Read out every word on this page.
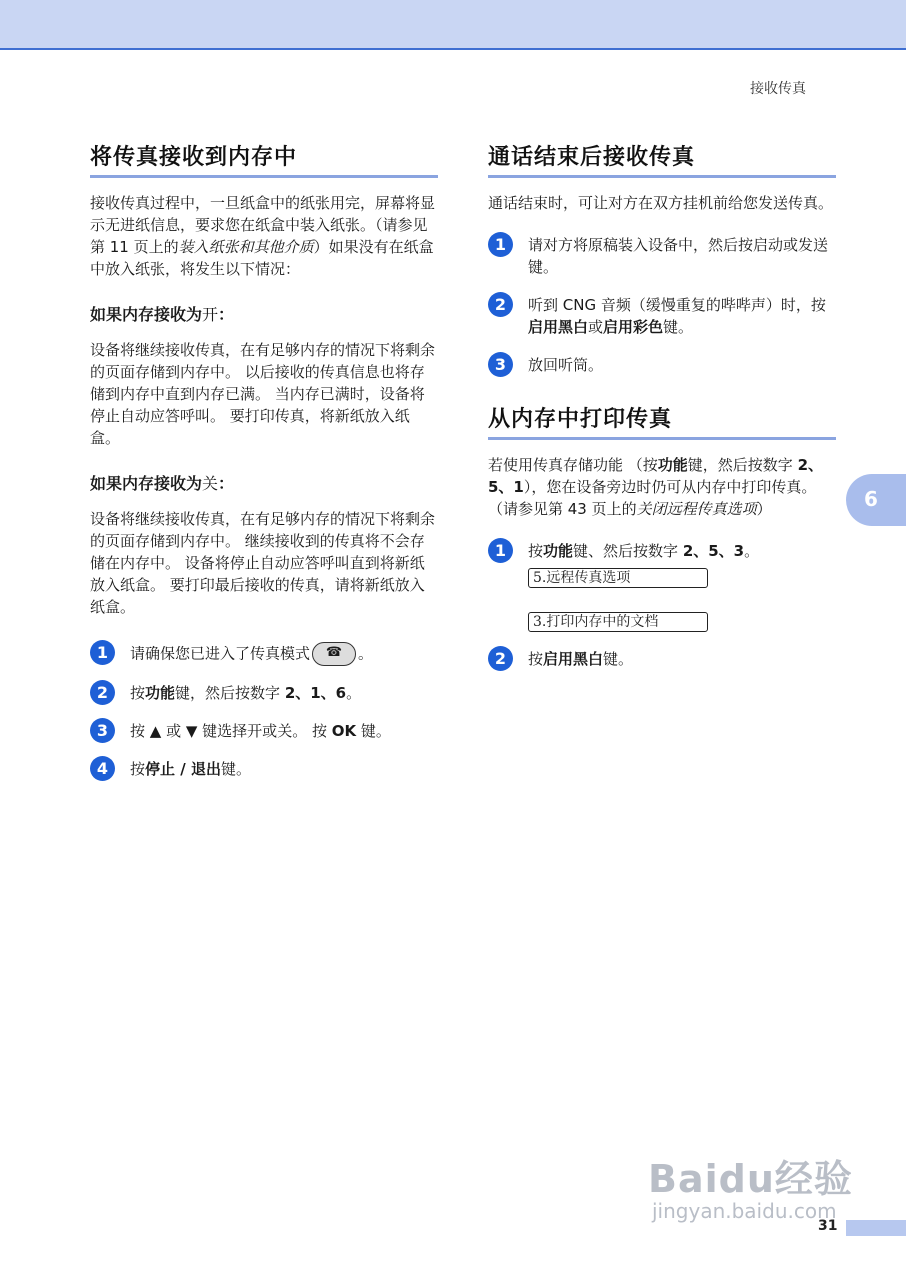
接收传真
将传真接收到内存中

接收传真过程中，一旦纸盒中的纸张用完，屏幕将显示无进纸信息，要求您在纸盒中装入纸张。（请参见第 11 页上的装入纸张和其他介质）如果没有在纸盒中放入纸张，将发生以下情况：

如果内存接收为开：

设备将继续接收传真，在有足够内存的情况下将剩余的页面存储到内存中。 以后接收的传真信息也将存储到内存中直到内存已满。 当内存已满时，设备将停止自动应答呼叫。 要打印传真，将新纸放入纸盒。

如果内存接收为关：

设备将继续接收传真，在有足够内存的情况下将剩余的页面存储到内存中。 继续接收到的传真将不会存储在内存中。 设备将停止自动应答呼叫直到将新纸放入纸盒。 要打印最后接收的传真，请将新纸放入纸盒。

1	请确保您已进入了传真模式 ☎ 。
2	按功能键，然后按数字 2、1、6。
3	按 ▲ 或 ▼ 键选择开或关。 按 OK 键。
4	按停止 / 退出键。
通话结束后接收传真

通话结束时，可让对方在双方挂机前给您发送传真。

1	请对方将原稿装入设备中，然后按启动或发送键。
2	听到 CNG 音频（缓慢重复的哔哔声）时，按启用黑白或启用彩色键。
3	放回听筒。
从内存中打印传真

若使用传真存储功能 （按功能键，然后按数字 2、5、1），您在设备旁边时仍可从内存中打印传真。（请参见第 43 页上的关闭远程传真选项）

1	按功能键、然后按数字 2、5、3。
5.远程传真选项
3.打印内存中的文档
2	按启用黑白键。
6
Baidu经验
jingyan.baidu.com
31
